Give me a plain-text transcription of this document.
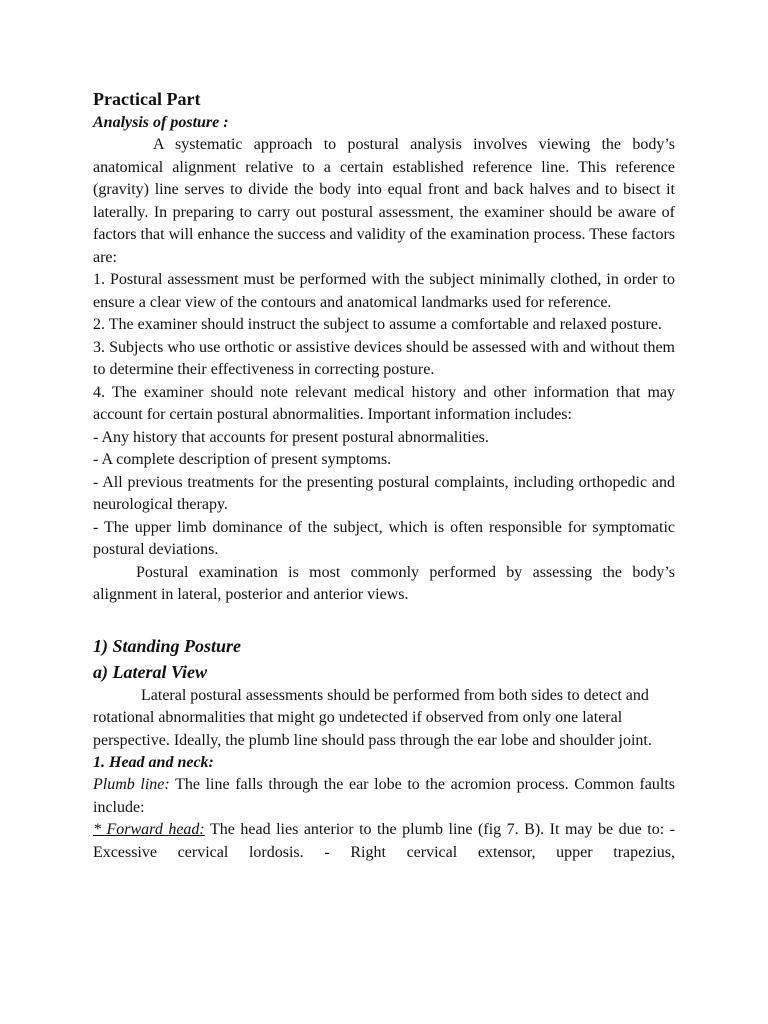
Practical Part
Analysis of posture :

A systematic approach to postural analysis involves viewing the body’s anatomical alignment relative to a certain established reference line. This reference (gravity) line serves to divide the body into equal front and back halves and to bisect it laterally. In preparing to carry out postural assessment, the examiner should be aware of factors that will enhance the success and validity of the examination process. These factors are:

1. Postural assessment must be performed with the subject minimally clothed, in order to ensure a clear view of the contours and anatomical landmarks used for reference.

2. The examiner should instruct the subject to assume a comfortable and relaxed posture.

3. Subjects who use orthotic or assistive devices should be assessed with and without them to determine their effectiveness in correcting posture.

4. The examiner should note relevant medical history and other information that may account for certain postural abnormalities. Important information includes:

- Any history that accounts for present postural abnormalities.

- A complete description of present symptoms.

- All previous treatments for the presenting postural complaints, including orthopedic and neurological therapy.

- The upper limb dominance of the subject, which is often responsible for symptomatic postural deviations.

Postural examination is most commonly performed by assessing the body’s alignment in lateral, posterior and anterior views.

1) Standing Posture
a) Lateral View

Lateral postural assessments should be performed from both sides to detect and rotational abnormalities that might go undetected if observed from only one lateral perspective. Ideally, the plumb line should pass through the ear lobe and shoulder joint.

1. Head and neck:

Plumb line: The line falls through the ear lobe to the acromion process. Common faults include:

* Forward head: The head lies anterior to the plumb line (fig 7. B). It may be due to: - Excessive cervical lordosis. - Right cervical extensor, upper trapezius,
